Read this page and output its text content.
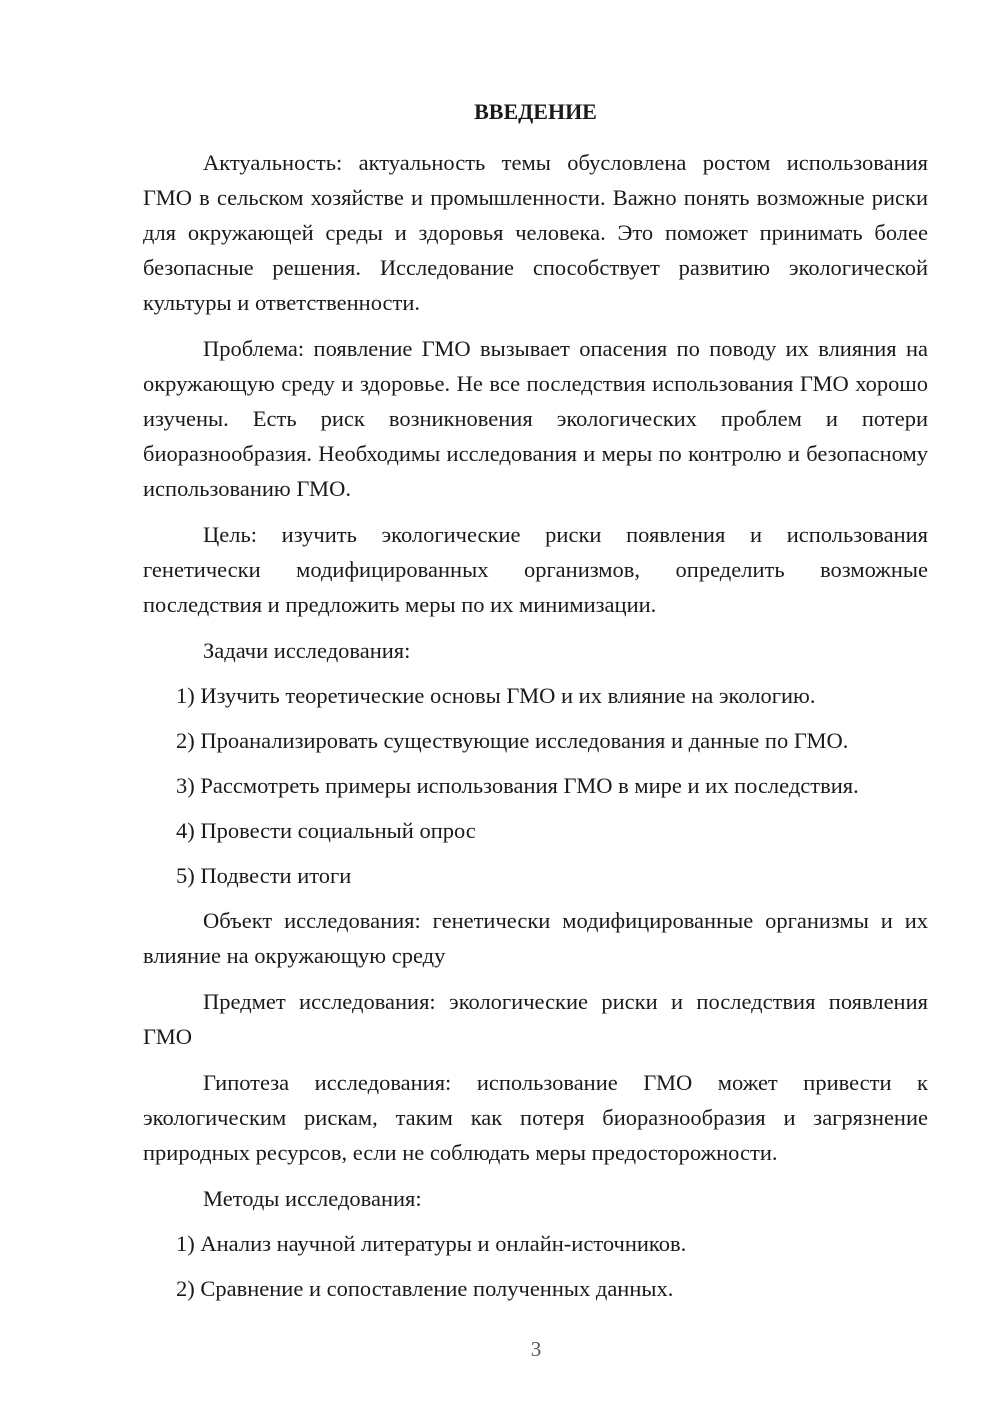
ВВЕДЕНИЕ
Актуальность: актуальность темы обусловлена ростом использования ГМО в сельском хозяйстве и промышленности. Важно понять возможные риски для окружающей среды и здоровья человека. Это поможет принимать более безопасные решения. Исследование способствует развитию экологической культуры и ответственности.
Проблема: появление ГМО вызывает опасения по поводу их влияния на окружающую среду и здоровье. Не все последствия использования ГМО хорошо изучены. Есть риск возникновения экологических проблем и потери биоразнообразия. Необходимы исследования и меры по контролю и безопасному использованию ГМО.
Цель: изучить экологические риски появления и использования генетически модифицированных организмов, определить возможные последствия и предложить меры по их минимизации.
Задачи исследования:
1) Изучить теоретические основы ГМО и их влияние на экологию.
2) Проанализировать существующие исследования и данные по ГМО.
3) Рассмотреть примеры использования ГМО в мире и их последствия.
4) Провести социальный опрос
5) Подвести итоги
Объект исследования: генетически модифицированные организмы и их влияние на окружающую среду
Предмет исследования: экологические риски и последствия появления ГМО
Гипотеза исследования: использование ГМО может привести к экологическим рискам, таким как потеря биоразнообразия и загрязнение природных ресурсов, если не соблюдать меры предосторожности.
Методы исследования:
1) Анализ научной литературы и онлайн-источников.
2) Сравнение и сопоставление полученных данных.
3
